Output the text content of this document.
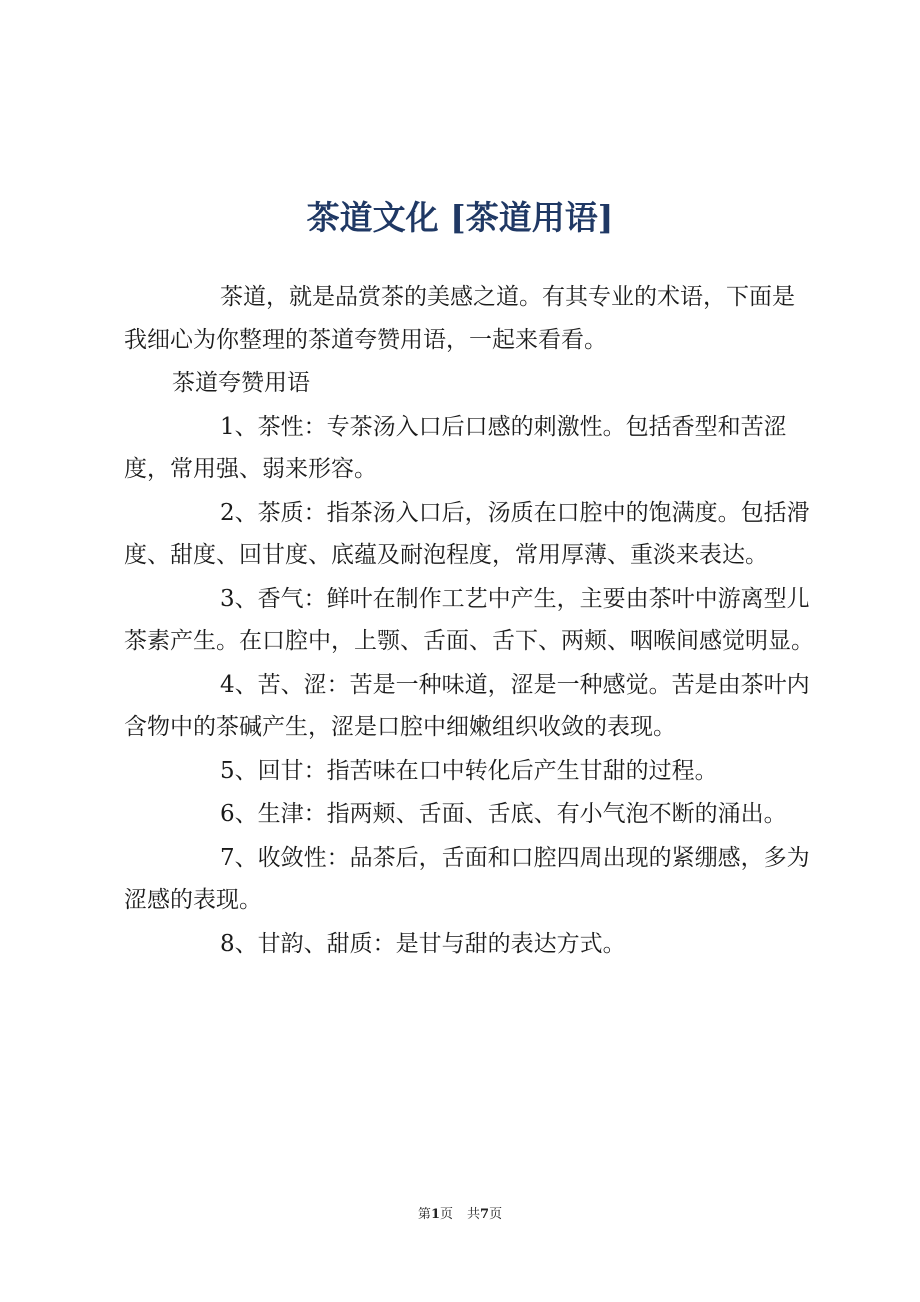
茶道文化 [茶道用语]

茶道，就是品赏茶的美感之道。有其专业的术语，下面是我细心为你整理的茶道夸赞用语，一起来看看。

茶道夸赞用语

1、茶性：专茶汤入口后口感的刺激性。包括香型和苦涩度，常用强、弱来形容。

2、茶质：指茶汤入口后，汤质在口腔中的饱满度。包括滑度、甜度、回甘度、底蕴及耐泡程度，常用厚薄、重淡来表达。

3、香气：鲜叶在制作工艺中产生，主要由茶叶中游离型儿茶素产生。在口腔中，上颚、舌面、舌下、两颊、咽喉间感觉明显。

4、苦、涩：苦是一种味道，涩是一种感觉。苦是由茶叶内含物中的茶碱产生，涩是口腔中细嫩组织收敛的表现。

5、回甘：指苦味在口中转化后产生甘甜的过程。

6、生津：指两颊、舌面、舌底、有小气泡不断的涌出。

7、收敛性：品茶后，舌面和口腔四周出现的紧绷感，多为涩感的表现。

8、甘韵、甜质：是甘与甜的表达方式。

第1页 共7页
